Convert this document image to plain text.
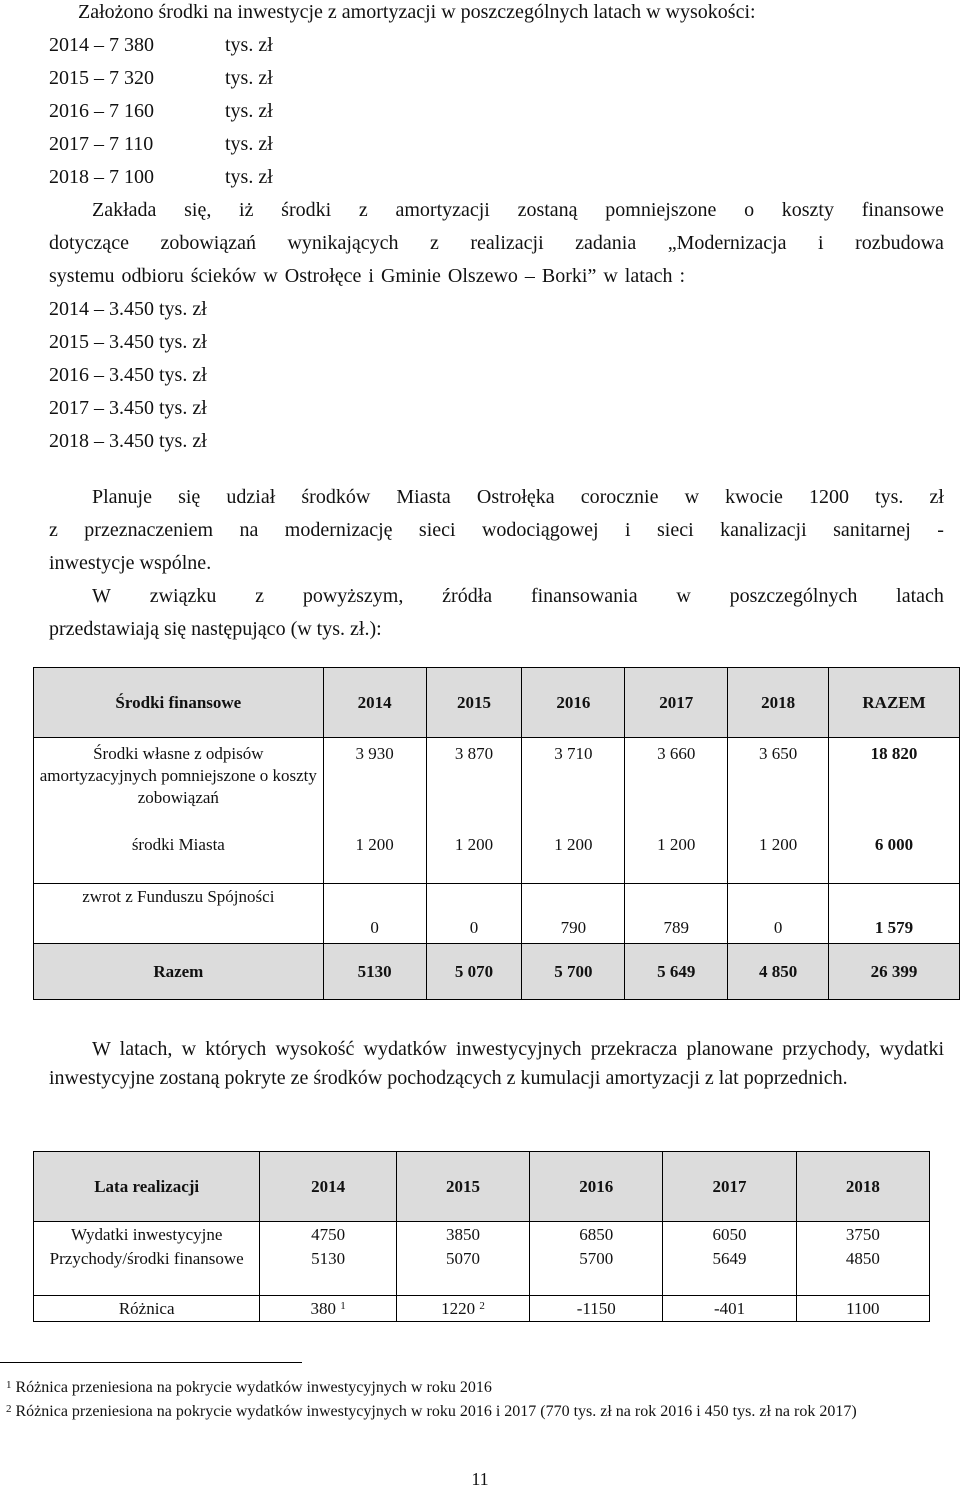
Założono środki na inwestycje z amortyzacji w poszczególnych latach w wysokości:
2014 – 7 380	tys. zł
2015 – 7 320	tys. zł
2016 – 7 160	tys. zł
2017 – 7 110	tys. zł
2018 – 7 100	tys. zł
Zakłada się, iż środki z amortyzacji zostaną pomniejszone o koszty finansowe
dotyczące zobowiązań wynikających z realizacji zadania „Modernizacja i rozbudowa
systemu odbioru ścieków w Ostrołęce i Gminie Olszewo – Borki” w latach :
2014 – 3.450 tys. zł
2015 – 3.450 tys. zł
2016 – 3.450 tys. zł
2017 – 3.450 tys. zł
2018 – 3.450 tys. zł
Planuje się udział środków Miasta Ostrołęka corocznie w kwocie 1200 tys. zł
z przeznaczeniem na modernizację sieci wodociągowej i sieci kanalizacji sanitarnej -
inwestycje wspólne.
W związku z powyższym, źródła finansowania w poszczególnych latach
przedstawiają się następująco (w tys. zł.):
Środki finansowe	2014	2015	2016	2017	2018	RAZEM
Środki własne z odpisów amortyzacyjnych pomniejszone o koszty zobowiązań	3 930	3 870	3 710	3 660	3 650	18 820
środki Miasta	1 200	1 200	1 200	1 200	1 200	6 000
zwrot z Funduszu Spójności	0	0	790	789	0	1 579
Razem	5130	5 070	5 700	5 649	4 850	26 399
W latach, w których wysokość wydatków inwestycyjnych przekracza planowane przychody, wydatki inwestycyjne zostaną pokryte ze środków pochodzących z kumulacji amortyzacji z lat poprzednich.
Lata realizacji	2014	2015	2016	2017	2018
Wydatki inwestycyjne	4750	3850	6850	6050	3750
Przychody/środki finansowe	5130	5070	5700	5649	4850
Różnica	380 $^1$	1220 $^2$	-1150	-401	1100
$^1$ Różnica przeniesiona na pokrycie wydatków inwestycyjnych w roku 2016
$^2$ Różnica przeniesiona na pokrycie wydatków inwestycyjnych w roku 2016 i 2017 (770 tys. zł na rok 2016 i 450 tys. zł na rok 2017)
11
